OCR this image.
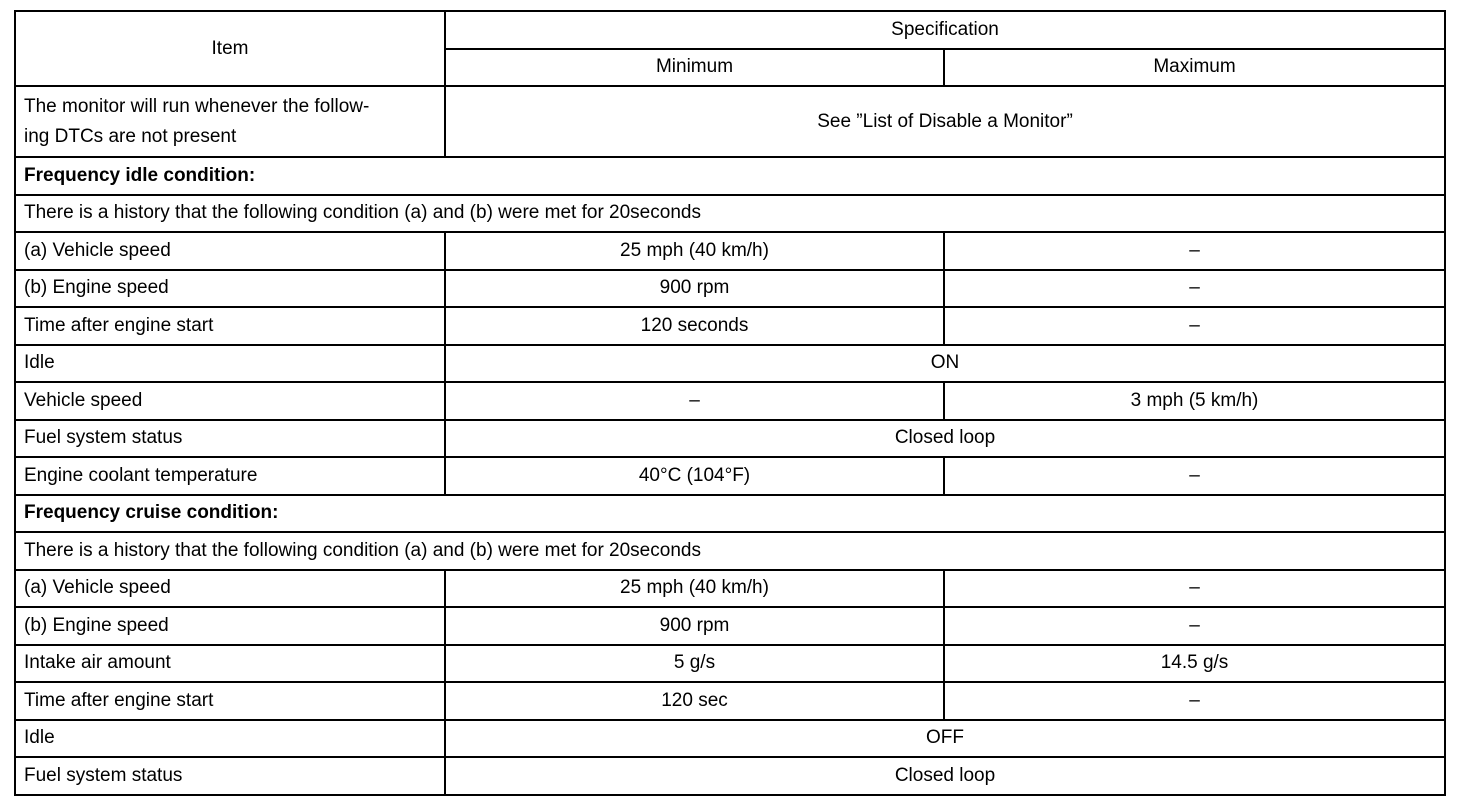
Item	Specification	
	Minimum	Maximum
The monitor will run whenever the follow-
ing DTCs are not present	See ”List of Disable a Monitor”	
Frequency idle condition:		
There is a history that the following condition (a) and (b) were met for 20seconds		
(a) Vehicle speed	25 mph (40 km/h)	–
(b) Engine speed	900 rpm	–
Time after engine start	120 seconds	–
Idle	ON	
Vehicle speed	–	3 mph (5 km/h)
Fuel system status	Closed loop	
Engine coolant temperature	40°C (104°F)	–
Frequency cruise condition:		
There is a history that the following condition (a) and (b) were met for 20seconds		
(a) Vehicle speed	25 mph (40 km/h)	–
(b) Engine speed	900 rpm	–
Intake air amount	5 g/s	14.5 g/s
Time after engine start	120 sec	–
Idle	OFF	
Fuel system status	Closed loop	
